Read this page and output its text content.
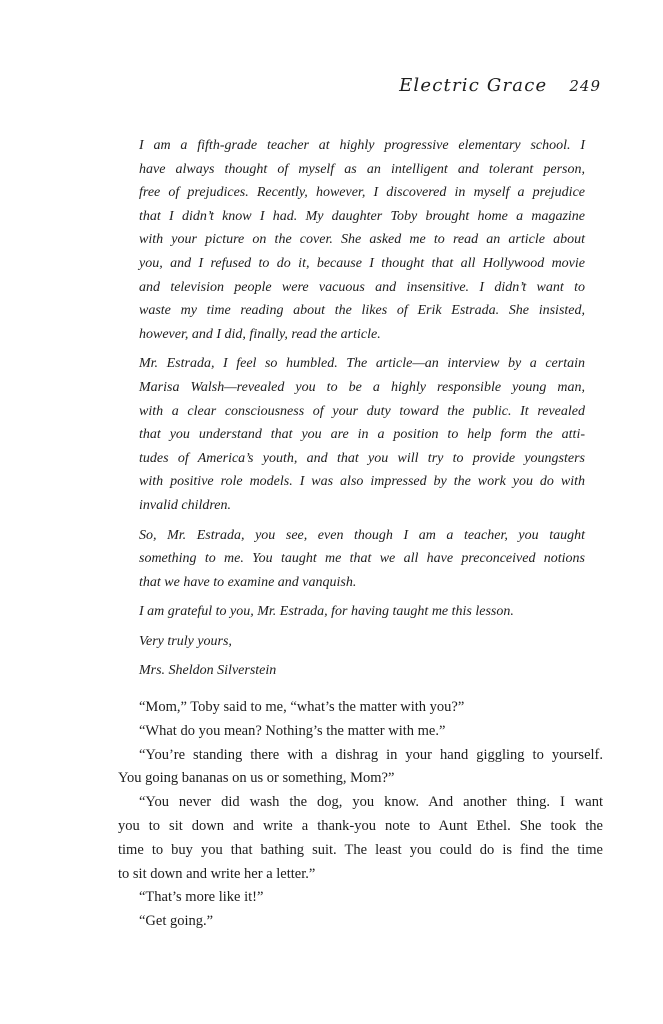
Electric Grace 249
I am a fifth-grade teacher at highly progressive elementary school. I
have always thought of myself as an intelligent and tolerant person,
free of prejudices. Recently, however, I discovered in myself a prejudice
that I didn’t know I had. My daughter Toby brought home a magazine
with your picture on the cover. She asked me to read an article about
you, and I refused to do it, because I thought that all Hollywood movie
and television people were vacuous and insensitive. I didn’t want to
waste my time reading about the likes of Erik Estrada. She insisted,
however, and I did, finally, read the article.
Mr. Estrada, I feel so humbled. The article—an interview by a certain
Marisa Walsh—revealed you to be a highly responsible young man,
with a clear consciousness of your duty toward the public. It revealed
that you understand that you are in a position to help form the atti-
tudes of America’s youth, and that you will try to provide youngsters
with positive role models. I was also impressed by the work you do with
invalid children.
So, Mr. Estrada, you see, even though I am a teacher, you taught
something to me. You taught me that we all have preconceived notions
that we have to examine and vanquish.
I am grateful to you, Mr. Estrada, for having taught me this lesson.
Very truly yours,
Mrs. Sheldon Silverstein
“Mom,” Toby said to me, “what’s the matter with you?”
“What do you mean? Nothing’s the matter with me.”
“You’re standing there with a dishrag in your hand giggling to yourself.
You going bananas on us or something, Mom?”
“You never did wash the dog, you know. And another thing. I want
you to sit down and write a thank-you note to Aunt Ethel. She took the
time to buy you that bathing suit. The least you could do is find the time
to sit down and write her a letter.”
“That’s more like it!”
“Get going.”
